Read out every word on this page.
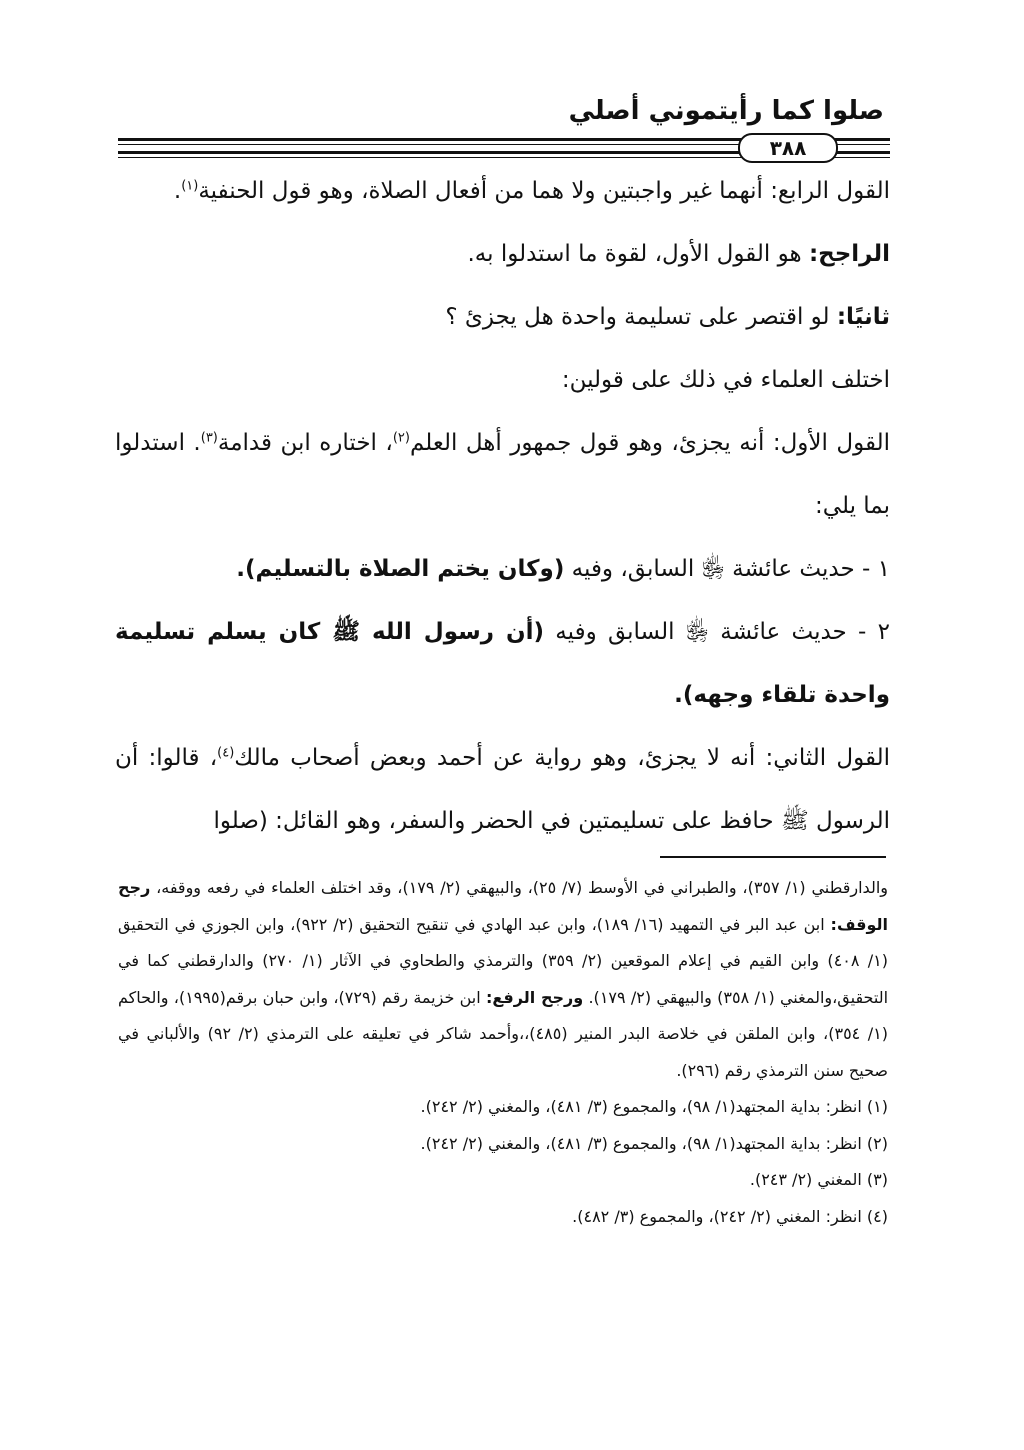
صلوا كما رأيتموني أصلي
٣٨٨

القول الرابع: أنهما غير واجبتين ولا هما من أفعال الصلاة، وهو قول الحنفية$^{(١)}$.

الراجح: هو القول الأول، لقوة ما استدلوا به.

ثانيًا: لو اقتصر على تسليمة واحدة هل يجزئ ؟

اختلف العلماء في ذلك على قولين:

القول الأول: أنه يجزئ، وهو قول جمهور أهل العلم$^{(٢)}$، اختاره ابن قدامة$^{(٣)}$. استدلوا بما يلي:

١ - حديث عائشة ﵂ السابق، وفيه (وكان يختم الصلاة بالتسليم).

٢ - حديث عائشة ﵂ السابق وفيه (أن رسول الله ﷺ كان يسلم تسليمة واحدة تلقاء وجهه).

القول الثاني: أنه لا يجزئ، وهو رواية عن أحمد وبعض أصحاب مالك$^{(٤)}$، قالوا: أن الرسول ﷺ حافظ على تسليمتين في الحضر والسفر، وهو القائل: (صلوا

والدارقطني (١/ ٣٥٧)، والطبراني في الأوسط (٧/ ٢٥)، والبيهقي (٢/ ١٧٩)، وقد اختلف العلماء في رفعه ووقفه، رجح الوقف: ابن عبد البر في التمهيد (١٦/ ١٨٩)، وابن عبد الهادي في تنقيح التحقيق (٢/ ٩٢٢)، وابن الجوزي في التحقيق (١/ ٤٠٨) وابن القيم في إعلام الموقعين (٢/ ٣٥٩) والترمذي والطحاوي في الآثار (١/ ٢٧٠) والدارقطني كما في التحقيق،والمغني (١/ ٣٥٨) والبيهقي (٢/ ١٧٩). ورجح الرفع: ابن خزيمة رقم (٧٢٩)، وابن حبان برقم(١٩٩٥)، والحاكم (١/ ٣٥٤)، وابن الملقن في خلاصة البدر المنير (٤٨٥)،،وأحمد شاكر في تعليقه على الترمذي (٢/ ٩٢) والألباني في صحيح سنن الترمذي رقم (٢٩٦).

(١) انظر: بداية المجتهد(١/ ٩٨)، والمجموع (٣/ ٤٨١)، والمغني (٢/ ٢٤٢).

(٢) انظر: بداية المجتهد(١/ ٩٨)، والمجموع (٣/ ٤٨١)، والمغني (٢/ ٢٤٢).

(٣) المغني (٢/ ٢٤٣).

(٤) انظر: المغني (٢/ ٢٤٢)، والمجموع (٣/ ٤٨٢).
